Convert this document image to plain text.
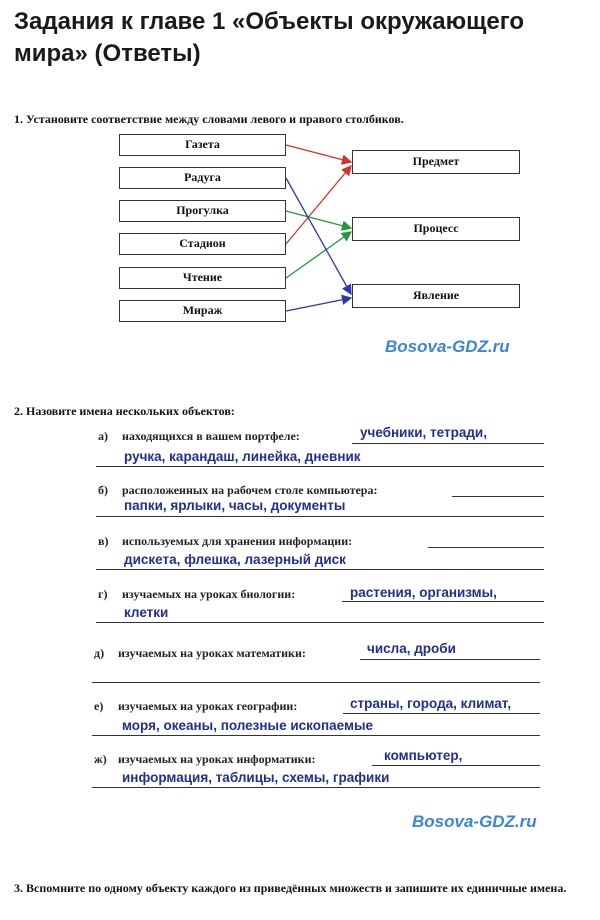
Задания к главе 1 «Объекты окружающего мира» (Ответы)
1. Установите соответствие между словами левого и правого столбиков.
Газета
Радуга
Прогулка
Стадион
Чтение
Мираж
Предмет
Процесс
Явление
Bosova-GDZ.ru
2. Назовите имена нескольких объектов:
а) находящихся в вашем портфеле:	учебники, тетради,
ручка, карандаш, линейка, дневник
б) расположенных на рабочем столе компьютера:
папки, ярлыки, часы, документы
в) используемых для хранения информации:
дискета, флешка, лазерный диск
г) изучаемых на уроках биологии:	растения, организмы,
клетки
д) изучаемых на уроках математики:	числа, дроби
е) изучаемых на уроках географии:	страны, города, климат,
моря, океаны, полезные ископаемые
ж) изучаемых на уроках информатики:	компьютер,
информация, таблицы, схемы, графики
Bosova-GDZ.ru
3. Вспомните по одному объекту каждого из приведённых множеств и запишите их единичные имена.
